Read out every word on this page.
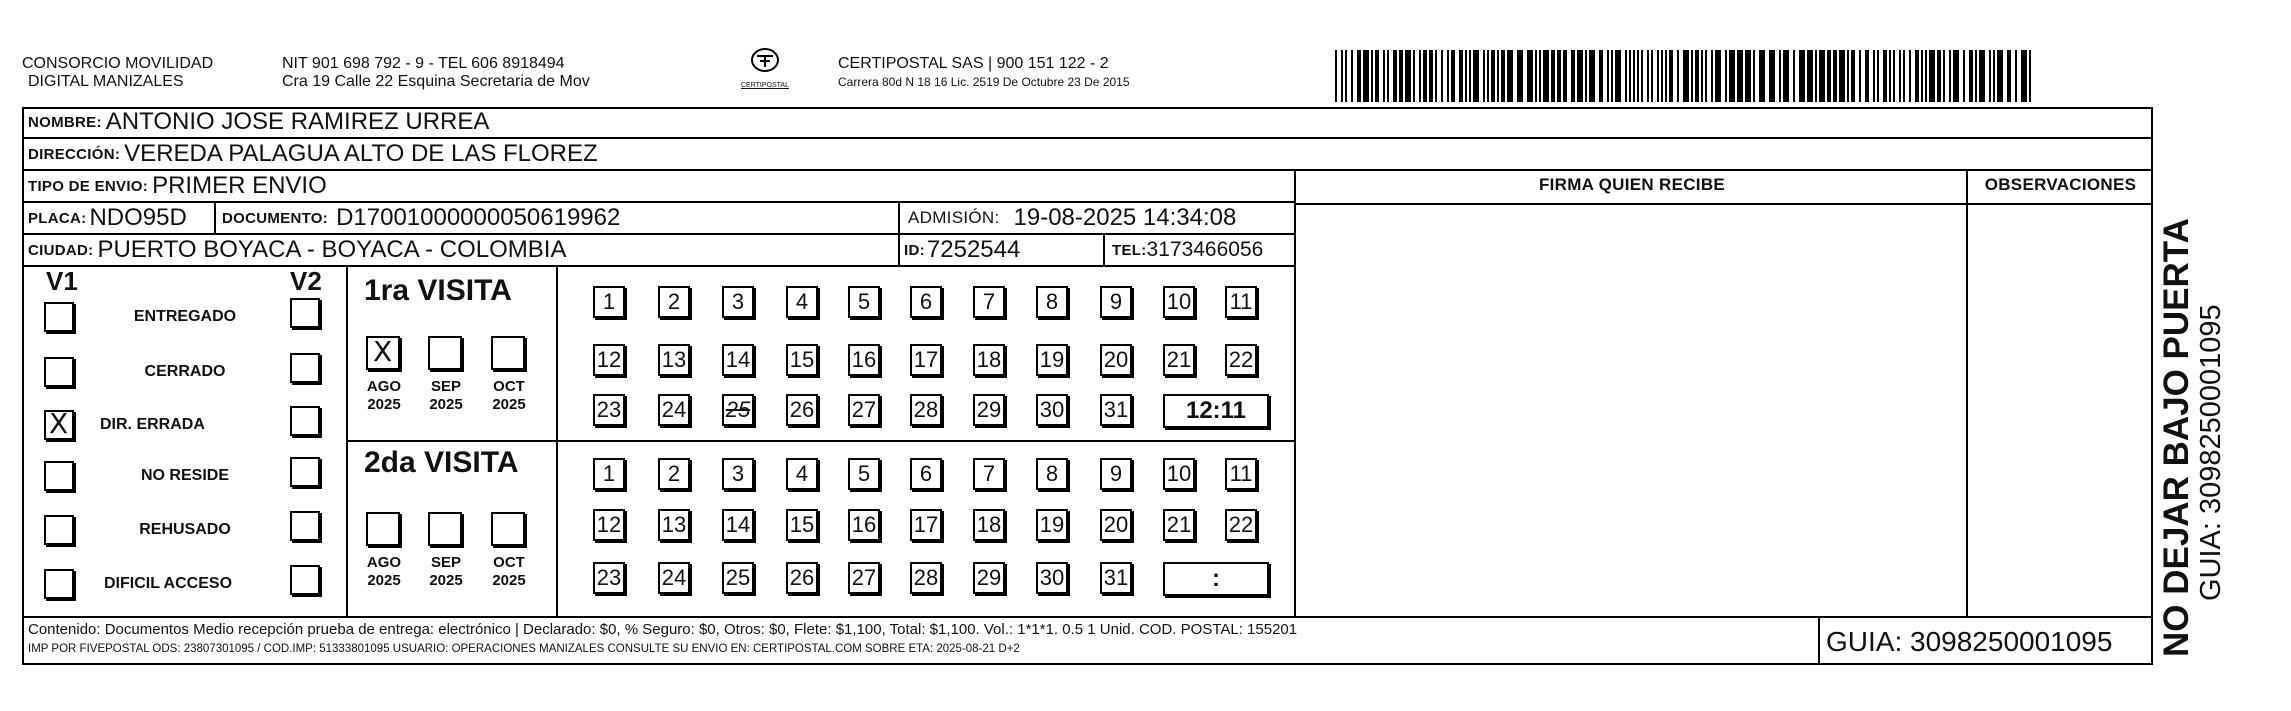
CONSORCIO MOVILIDAD
DIGITAL MANIZALES
NIT 901 698 792 - 9 - TEL 606 8918494
Cra 19 Calle 22 Esquina Secretaria de Mov	CERTIPOSTAL
CERTIPOSTAL SAS | 900 151 122 - 2
Carrera 80d N 18 16 Lic. 2519 De Octubre 23 De 2015
NOMBRE: ANTONIO JOSE RAMIREZ URREA
DIRECCIÓN: VEREDA PALAGUA ALTO DE LAS FLOREZ
TIPO DE ENVIO: PRIMER ENVIO	FIRMA QUIEN RECIBE	OBSERVACIONES
PLACA: NDO95D DOCUMENTO: D17001000000050619962	ADMISIÓN: 19-08-2025 14:34:08
CIUDAD: PUERTO BOYACA - BOYACA - COLOMBIA	ID: 7252544	TEL: 3173466056
V1	V2
ENTREGADO
CERRADO
X DIR. ERRADA
NO RESIDE
REHUSADO
DIFICIL ACCESO
1ra VISITA
2da VISITA
X
AGO
2025
SEP
2025
OCT
2025
1	2	3	4	5	6	7	8	9	10 11
12 13 14 15 16 17 18 19 20 21 22
23 24 25 26 27 28 29 30 31	12:11
AGO
2025
SEP
2025
OCT
2025
1	2	3	4	5	6	7	8	9	10 11
12 13 14 15 16 17 18 19 20 21 22
23 24 25 26 27 28 29 30 31	:
Contenido: Documentos Medio recepción prueba de entrega: electrónico | Declarado: $0, % Seguro: $0, Otros: $0, Flete: $1,100, Total: $1,100. Vol.: 1*1*1. 0.5 1 Unid. COD. POSTAL: 155201
IMP POR FIVEPOSTAL ODS: 23807301095 / COD.IMP: 51333801095 USUARIO: OPERACIONES MANIZALES CONSULTE SU ENVIO EN: CERTIPOSTAL.COM SOBRE ETA: 2025-08-21 D+2	GUIA: 3098250001095 NO DEJAR BAJO PUERTA GUIA: 3098250001095
